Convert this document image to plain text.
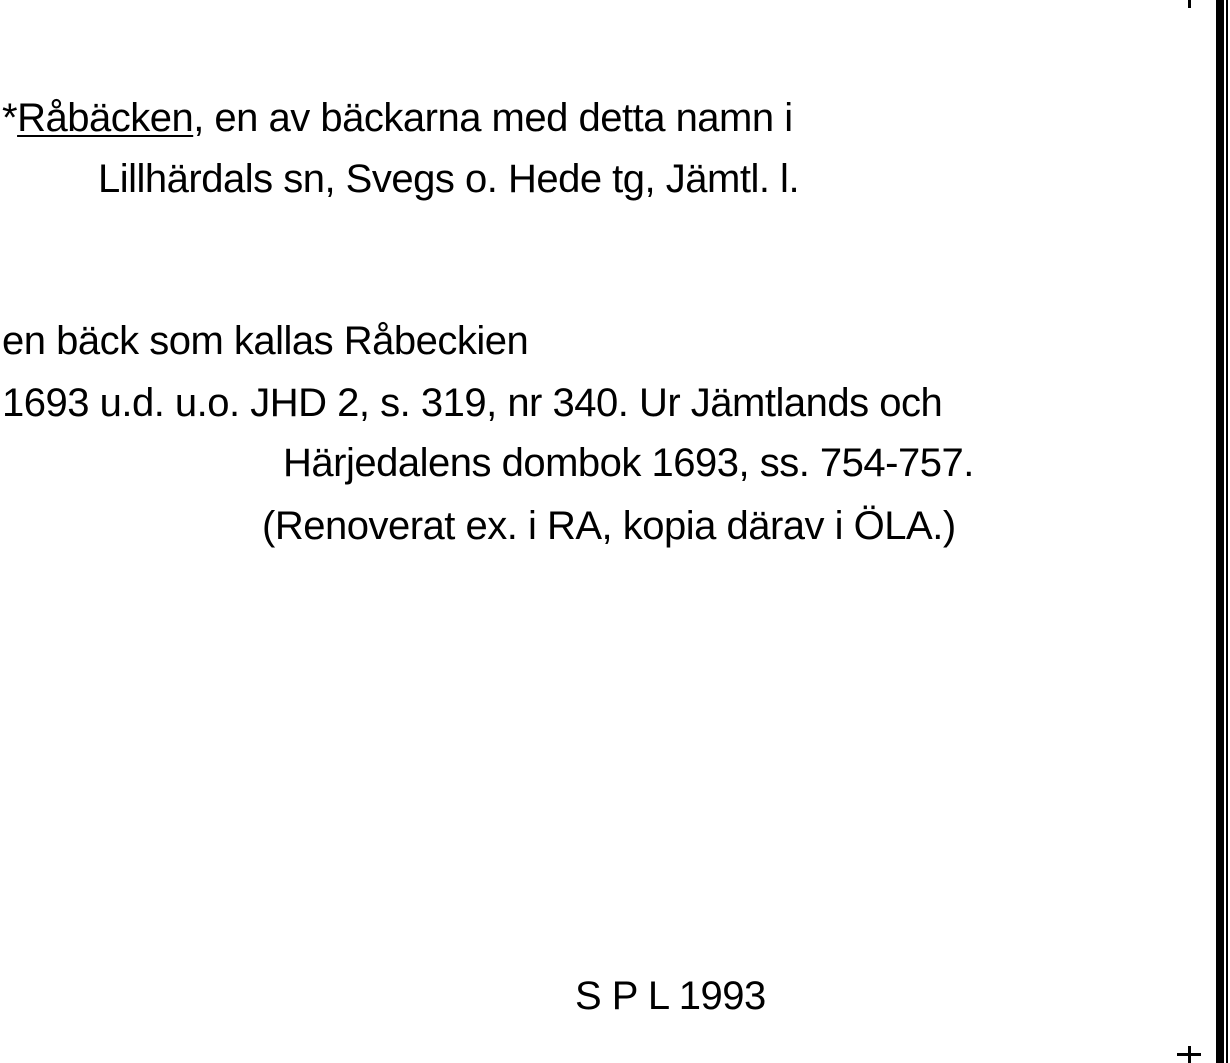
*Råbäcken, en av bäckarna med detta namn i
Lillhärdals sn, Svegs o. Hede tg, Jämtl. l.
en bäck som kallas Råbeckien
1693 u.d. u.o. JHD 2, s. 319, nr 340. Ur Jämtlands och
Härjedalens dombok 1693, ss. 754-757.
(Renoverat ex. i RA, kopia därav i ÖLA.)
S P L 1993
